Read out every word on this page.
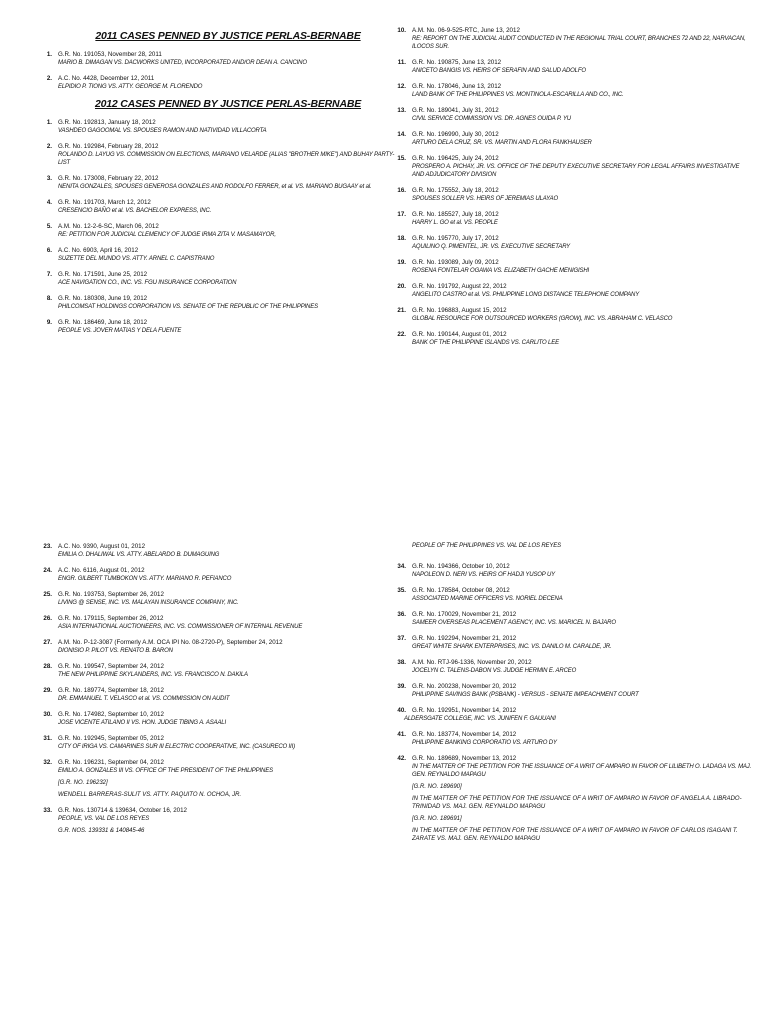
2011 CASES PENNED BY JUSTICE PERLAS-BERNABE
1. G.R. No. 191053, November 28, 2011
MARIO B. DIMAGAN VS. DACWORKS UNITED, INCORPORATED AND/OR DEAN A. CANCINO
2. A.C. No. 4428, December 12, 2011
ELPIDIO P. TIONG VS. ATTY. GEORGE M. FLORENDO
2012 CASES PENNED BY JUSTICE PERLAS-BERNABE
1. G.R. No. 192813, January 18, 2012
VASHDEO GAGOOMAL VS. SPOUSES RAMON AND NATIVIDAD VILLACORTA
2. G.R. No. 192984, February 28, 2012
ROLANDO D. LAYUG VS. COMMISSION ON ELECTIONS, MARIANO VELARDE (ALIAS "BROTHER MIKE") AND BUHAY PARTY-LIST
3. G.R. No. 173008, February 22, 2012
NENITA GONZALES, SPOUSES GENEROSA GONZALES AND RODOLFO FERRER, et al. VS. MARIANO BUGAAY et al.
4. G.R. No. 191703, March 12, 2012
CRESENCIO BAÑO et al. VS. BACHELOR EXPRESS, INC.
5. A.M. No. 12-2-6-SC, March 06, 2012
RE: PETITION FOR JUDICIAL CLEMENCY OF JUDGE IRMA ZITA V. MASAMAYOR,
6. A.C. No. 6903, April 16, 2012
SUZETTE DEL MUNDO VS. ATTY. ARNEL C. CAPISTRANO
7. G.R. No. 171591, June 25, 2012
ACE NAVIGATION CO., INC. VS. FGU INSURANCE CORPORATION
8. G.R. No. 180308, June 19, 2012
PHILCOMSAT HOLDINGS CORPORATION VS. SENATE OF THE REPUBLIC OF THE PHILIPPINES
9. G.R. No. 186469, June 18, 2012
PEOPLE VS. JOVER MATIAS Y DELA FUENTE
10. A.M. No. 06-9-525-RTC, June 13, 2012
RE: REPORT ON THE JUDICIAL AUDIT CONDUCTED IN THE REGIONAL TRIAL COURT, BRANCHES 72 AND 22, NARVACAN, ILOCOS SUR.
11. G.R. No. 190875, June 13, 2012
ANICETO BANGIS VS. HEIRS OF SERAFIN AND SALUD ADOLFO
12. G.R. No. 178046, June 13, 2012
LAND BANK OF THE PHILIPPINES VS. MONTINOLA-ESCARILLA AND CO., INC.
13. G.R. No. 189041, July 31, 2012
CIVIL SERVICE COMMISSION VS. DR. AGNES OUIDA P. YU
14. G.R. No. 196990, July 30, 2012
ARTURO DELA CRUZ, SR. VS. MARTIN AND FLORA FANKHAUSER
15. G.R. No. 196425, July 24, 2012
PROSPERO A. PICHAY, JR. VS. OFFICE OF THE DEPUTY EXECUTIVE SECRETARY FOR LEGAL AFFAIRS INVESTIGATIVE AND ADJUDICATORY DIVISION
16. G.R. No. 175552, July 18, 2012
SPOUSES SOLLER VS. HEIRS OF JEREMIAS ULAYAO
17. G.R. No. 185527, July 18, 2012
HARRY L. GO et al. VS. PEOPLE
18. G.R. No. 195770, July 17, 2012
AQUILINO Q. PIMENTEL, JR. VS. EXECUTIVE SECRETARY
19. G.R. No. 193089, July 09, 2012
ROSENA FONTELAR OGAWA VS. ELIZABETH GACHE MENIGISHI
20. G.R. No. 191792, August 22, 2012
ANGELITO CASTRO et al. VS. PHILIPPINE LONG DISTANCE TELEPHONE COMPANY
21. G.R. No. 196883, August 15, 2012
GLOBAL RESOURCE FOR OUTSOURCED WORKERS (GROW), INC. VS. ABRAHAM C. VELASCO
22. G.R. No. 190144, August 01, 2012
BANK OF THE PHILIPPINE ISLANDS VS. CARLITO LEE
23. A.C. No. 9390, August 01, 2012
EMILIA O. DHALIWAL VS. ATTY. ABELARDO B. DUMAGUING
24. A.C. No. 6116, August 01, 2012
ENGR. GILBERT TUMBOKON VS. ATTY. MARIANO R. PEFIANCO
25. G.R. No. 193753, September 26, 2012
LIVING @ SENSE, INC. VS. MALAYAN INSURANCE COMPANY, INC.
26. G.R. No. 179115, September 26, 2012
ASIA INTERNATIONAL AUCTIONEERS, INC. VS. COMMISSIONER OF INTERNAL REVENUE
27. A.M. No. P-12-3087 (Formerly A.M. OCA IPI No. 08-2720-P), September 24, 2012
DIONISIO P. PILOT VS. RENATO B. BARON
28. G.R. No. 199547, September 24, 2012
THE NEW PHILIPPINE SKYLANDERS, INC. VS. FRANCISCO N. DAKILA
29. G.R. No. 189774, September 18, 2012
DR. EMMANUEL T. VELASCO et al. VS. COMMISSION ON AUDIT
30. G.R. No. 174982, September 10, 2012
JOSE VICENTE ATILANO II VS. HON. JUDGE TIBING A. ASAALI
31. G.R. No. 192945, September 05, 2012
CITY OF IRIGA VS. CAMARINES SUR III ELECTRIC COOPERATIVE, INC. (CASURECO III)
32. G.R. No. 196231, September 04, 2012
EMILIO A. GONZALES III VS. OFFICE OF THE PRESIDENT OF THE PHILIPPINES
[G.R. NO. 196232]
WENDELL BARRERAS-SULIT VS. ATTY. PAQUITO N. OCHOA, JR.
33. G.R. Nos. 130714 & 139634, October 16, 2012
PEOPLE, VS. VAL DE LOS REYES
G.R. NOS. 139331 & 140845-46
PEOPLE OF THE PHILIPPINES VS. VAL DE LOS REYES
34. G.R. No. 194366, October 10, 2012
NAPOLEON D. NERI VS. HEIRS OF HADJI YUSOP UY
35. G.R. No. 178584, October 08, 2012
ASSOCIATED MARINE OFFICERS VS. NORIEL DECENA
36. G.R. No. 170029, November 21, 2012
SAMEER OVERSEAS PLACEMENT AGENCY, INC. VS. MARICEL N. BAJARO
37. G.R. No. 192294, November 21, 2012
GREAT WHITE SHARK ENTERPRISES, INC. VS. DANILO M. CARALDE, JR.
38. A.M. No. RTJ-96-1336, November 20, 2012
JOCELYN C. TALENS-DABON VS. JUDGE HERMIN E. ARCEO
39. G.R. No. 200238, November 20, 2012
PHILIPPINE SAVINGS BANK (PSBANK) - VERSUS - SENATE IMPEACHMENT COURT
40. G.R. No. 192951, November 14, 2012
ALDERSGATE COLLEGE, INC. VS. JUNIFEN F. GAUUANI
41. G.R. No. 183774, November 14, 2012
PHILIPPINE BANKING CORPORATIO VS. ARTURO DY
42. G.R. No. 189689, November 13, 2012
IN THE MATTER OF THE PETITION FOR THE ISSUANCE OF A WRIT OF AMPARO IN FAVOR OF LILIBETH O. LADAGA VS. MAJ. GEN. REYNALDO MAPAGU
[G.R. NO. 189690]
IN THE MATTER OF THE PETITION FOR THE ISSUANCE OF A WRIT OF AMPARO IN FAVOR OF ANGELA A. LIBRADO-TRINIDAD VS. MAJ. GEN. REYNALDO MAPAGU
[G.R. NO. 189691]
IN THE MATTER OF THE PETITION FOR THE ISSUANCE OF A WRIT OF AMPARO IN FAVOR OF CARLOS ISAGANI T. ZARATE VS. MAJ. GEN. REYNALDO MAPAGU
